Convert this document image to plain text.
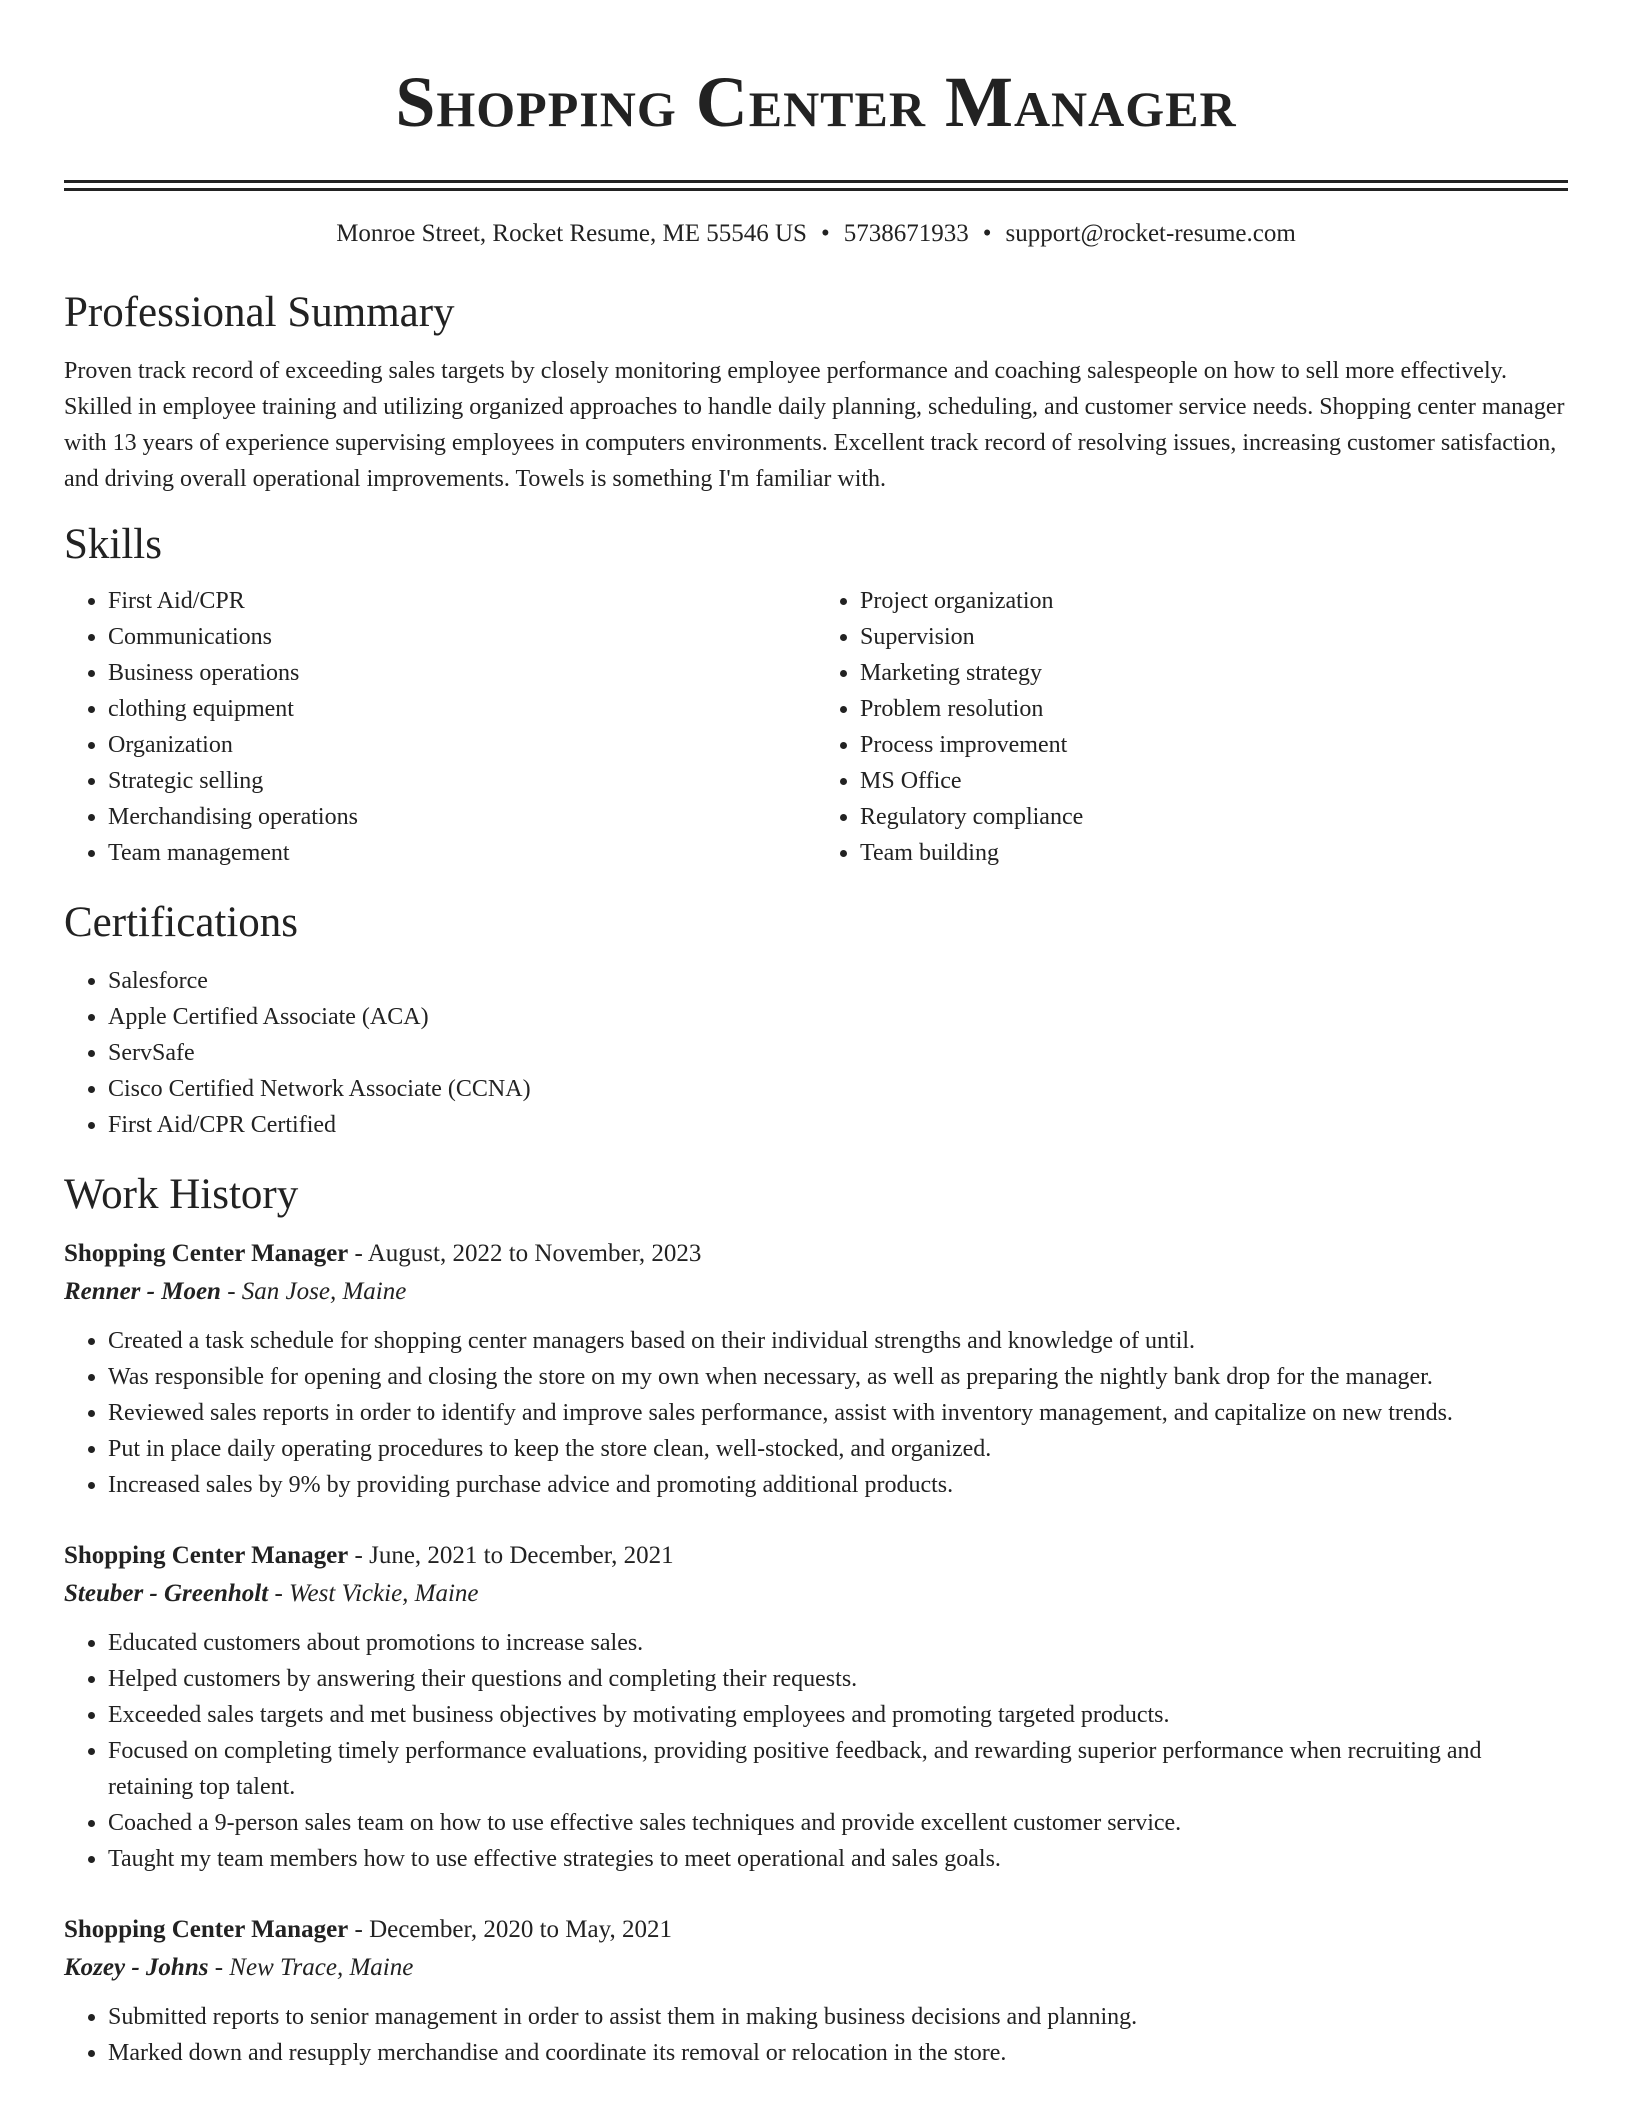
Shopping Center Manager
Monroe Street, Rocket Resume, ME 55546 US • 5738671933 • support@rocket-resume.com
Professional Summary

Proven track record of exceeding sales targets by closely monitoring employee performance and coaching salespeople on how to sell more effectively. Skilled in employee training and utilizing organized approaches to handle daily planning, scheduling, and customer service needs. Shopping center manager with 13 years of experience supervising employees in computers environments. Excellent track record of resolving issues, increasing customer satisfaction, and driving overall operational improvements. Towels is something I'm familiar with.

Skills
• First Aid/CPR
• Communications
• Business operations
• clothing equipment
• Organization
• Strategic selling
• Merchandising operations
• Team management
• Project organization
• Supervision
• Marketing strategy
• Problem resolution
• Process improvement
• MS Office
• Regulatory compliance
• Team building
Certifications
• Salesforce
• Apple Certified Associate (ACA)
• ServSafe
• Cisco Certified Network Associate (CCNA)
• First Aid/CPR Certified
Work History
Shopping Center Manager - August, 2022 to November, 2023
Renner - Moen - San Jose, Maine
• Created a task schedule for shopping center managers based on their individual strengths and knowledge of until.
• Was responsible for opening and closing the store on my own when necessary, as well as preparing the nightly bank drop for the manager.
• Reviewed sales reports in order to identify and improve sales performance, assist with inventory management, and capitalize on new trends.
• Put in place daily operating procedures to keep the store clean, well-stocked, and organized.
• Increased sales by 9% by providing purchase advice and promoting additional products.
Shopping Center Manager - June, 2021 to December, 2021
Steuber - Greenholt - West Vickie, Maine
• Educated customers about promotions to increase sales.
• Helped customers by answering their questions and completing their requests.
• Exceeded sales targets and met business objectives by motivating employees and promoting targeted products.
• Focused on completing timely performance evaluations, providing positive feedback, and rewarding superior performance when recruiting and retaining top talent.
• Coached a 9-person sales team on how to use effective sales techniques and provide excellent customer service.
• Taught my team members how to use effective strategies to meet operational and sales goals.
Shopping Center Manager - December, 2020 to May, 2021
Kozey - Johns - New Trace, Maine
• Submitted reports to senior management in order to assist them in making business decisions and planning.
• Marked down and resupply merchandise and coordinate its removal or relocation in the store.
